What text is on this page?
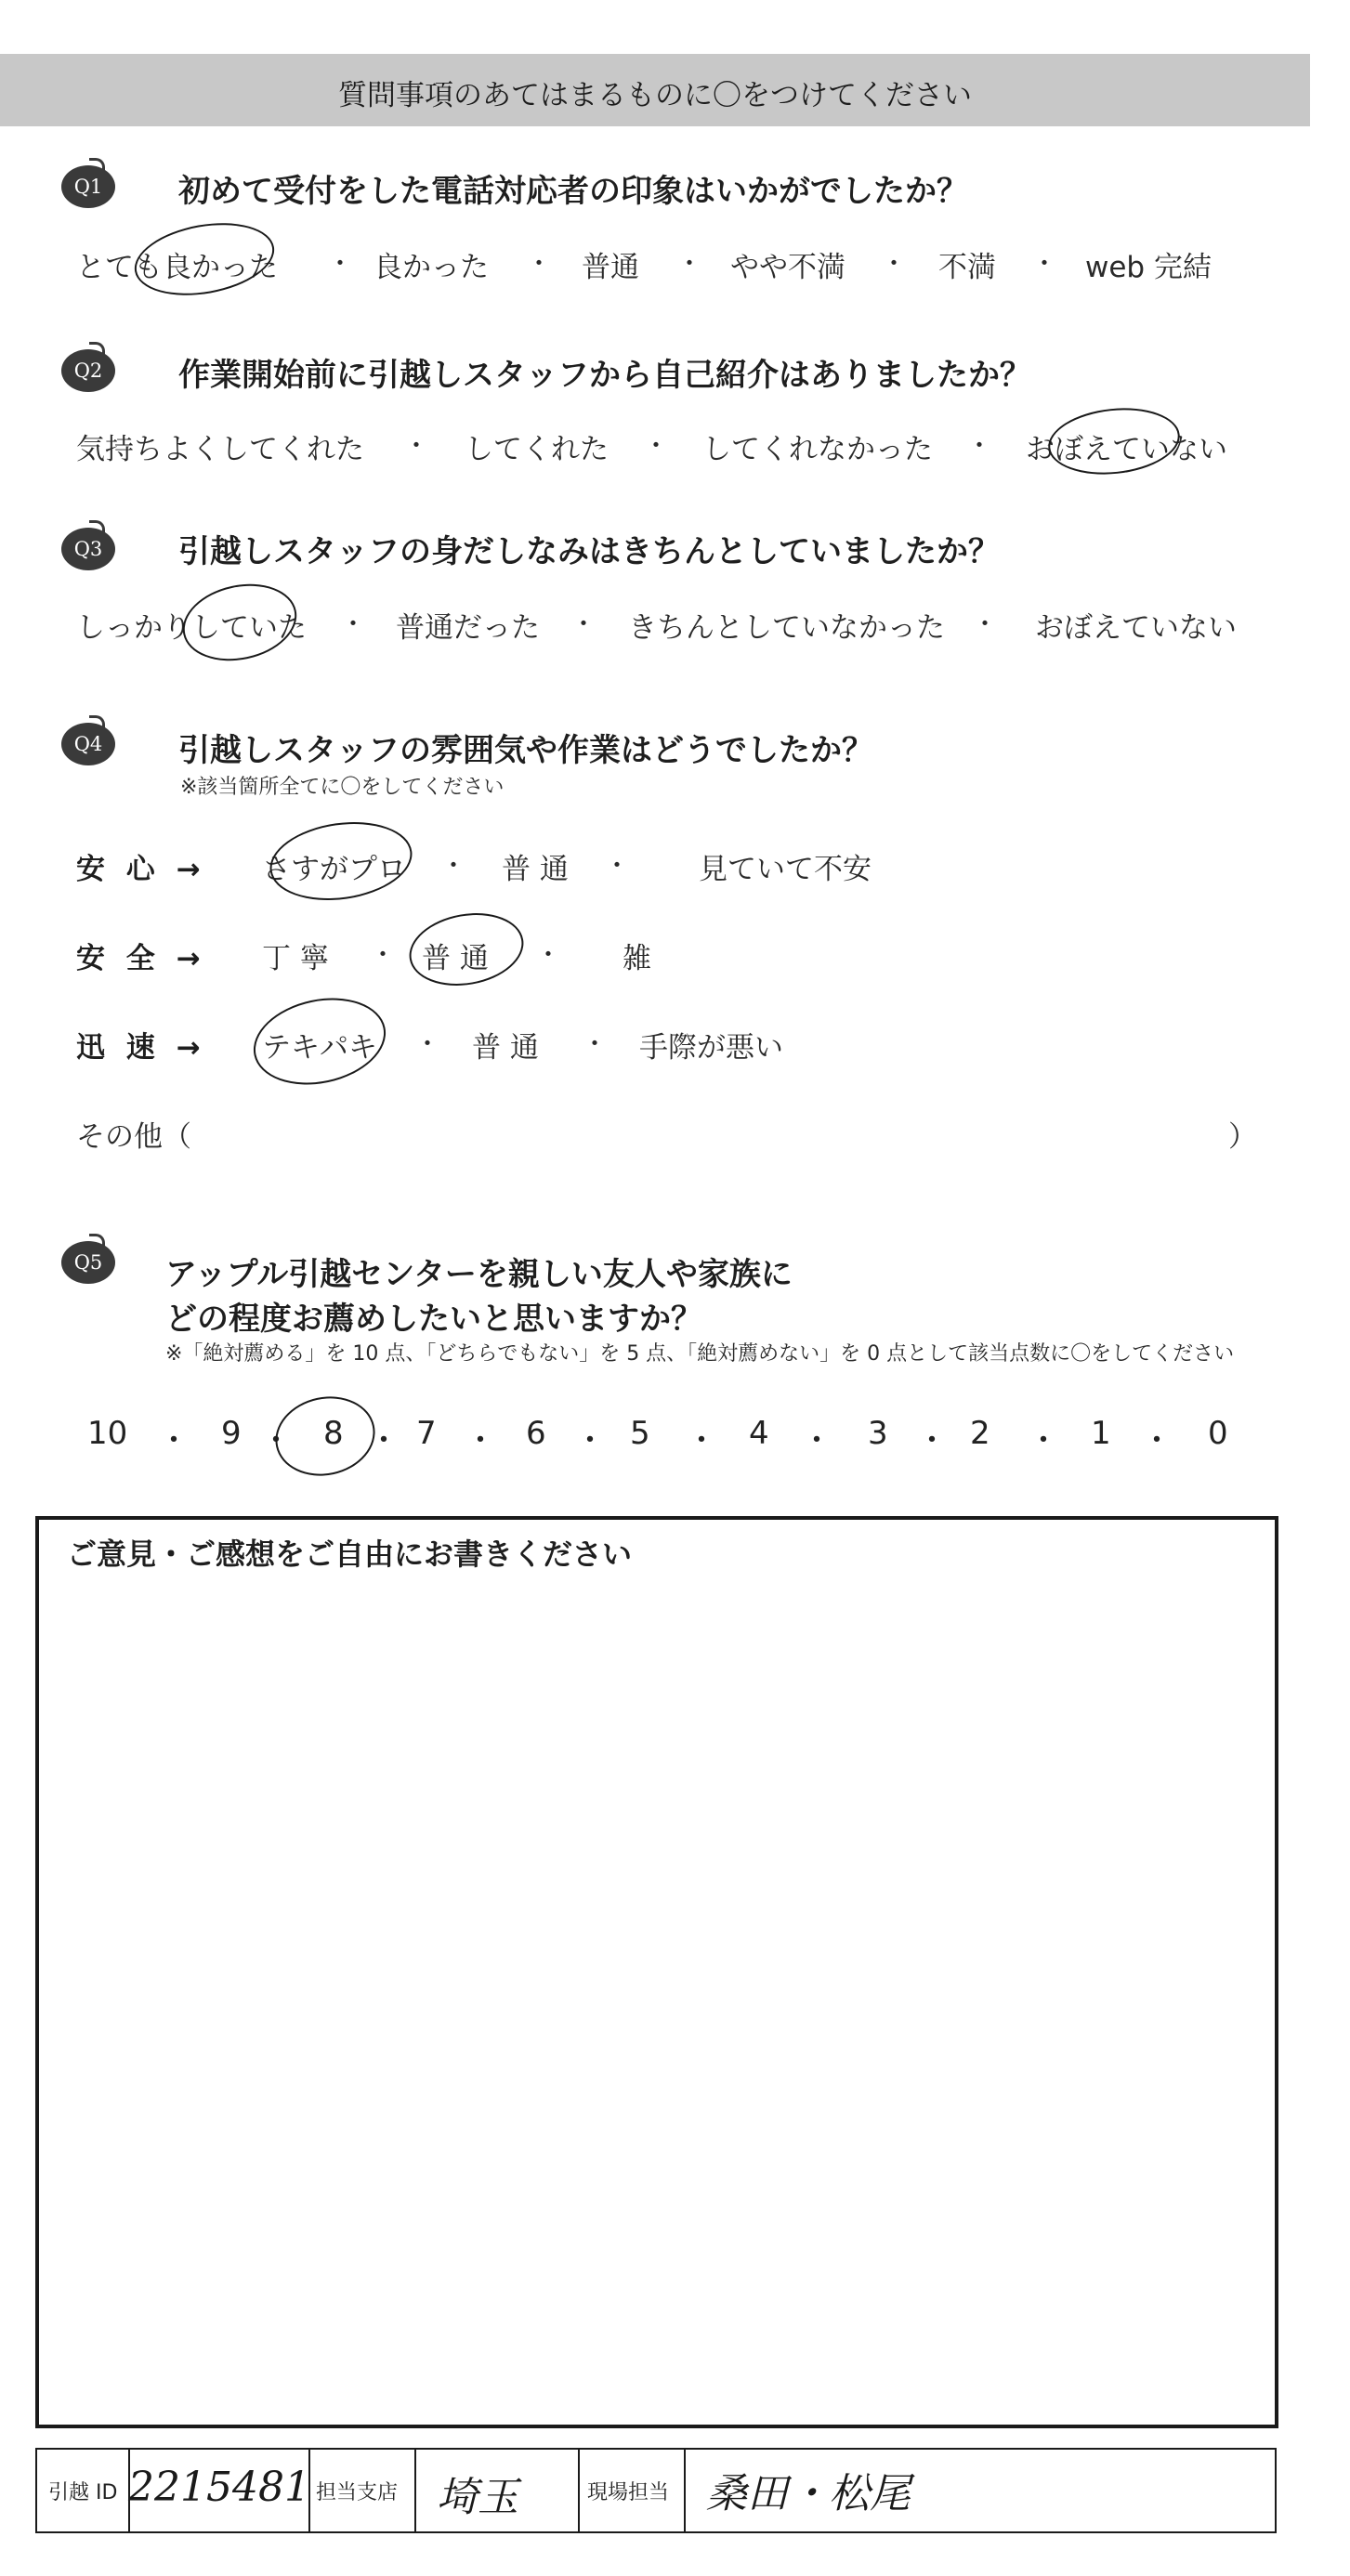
質問事項のあてはまるものに〇をつけてください
Q1	初めて受付をした電話対応者の印象はいかがでしたか？
とても良かった ・ 良かった ・ 普通 ・ やや不満 ・ 不満 ・ web 完結
Q2	作業開始前に引越しスタッフから自己紹介はありましたか？
気持ちよくしてくれた ・ してくれた ・ してくれなかった ・ おぼえていない
Q3	引越しスタッフの身だしなみはきちんとしていましたか？
しっかりしていた ・ 普通だった ・ きちんとしていなかった ・ おぼえていない
Q4	引越しスタッフの雰囲気や作業はどうでしたか？
※該当箇所全てに〇をしてください
安 心 → さすがプロ ・ 普 通 ・ 見ていて不安
安 全 → 丁 寧 ・ 普 通 ・ 雑
迅 速 → テキパキ ・ 普 通 ・ 手際が悪い
その他（	）
Q5	アップル引越センターを親しい友人や家族に
どの程度お薦めしたいと思いますか？
※「絶対薦める」を 10 点、「どちらでもない」を 5 点、「絶対薦めない」を 0 点として該当点数に〇をしてください
10 ・ 9 ・ 8 ・ 7 ・ 6 ・ 5 ・ 4 ・ 3 ・ 2 ・ 1 ・ 0
ご意見・ご感想をご自由にお書きください
引越 ID 2215481 担当支店 埼玉	現場担当 桑田・松尾
